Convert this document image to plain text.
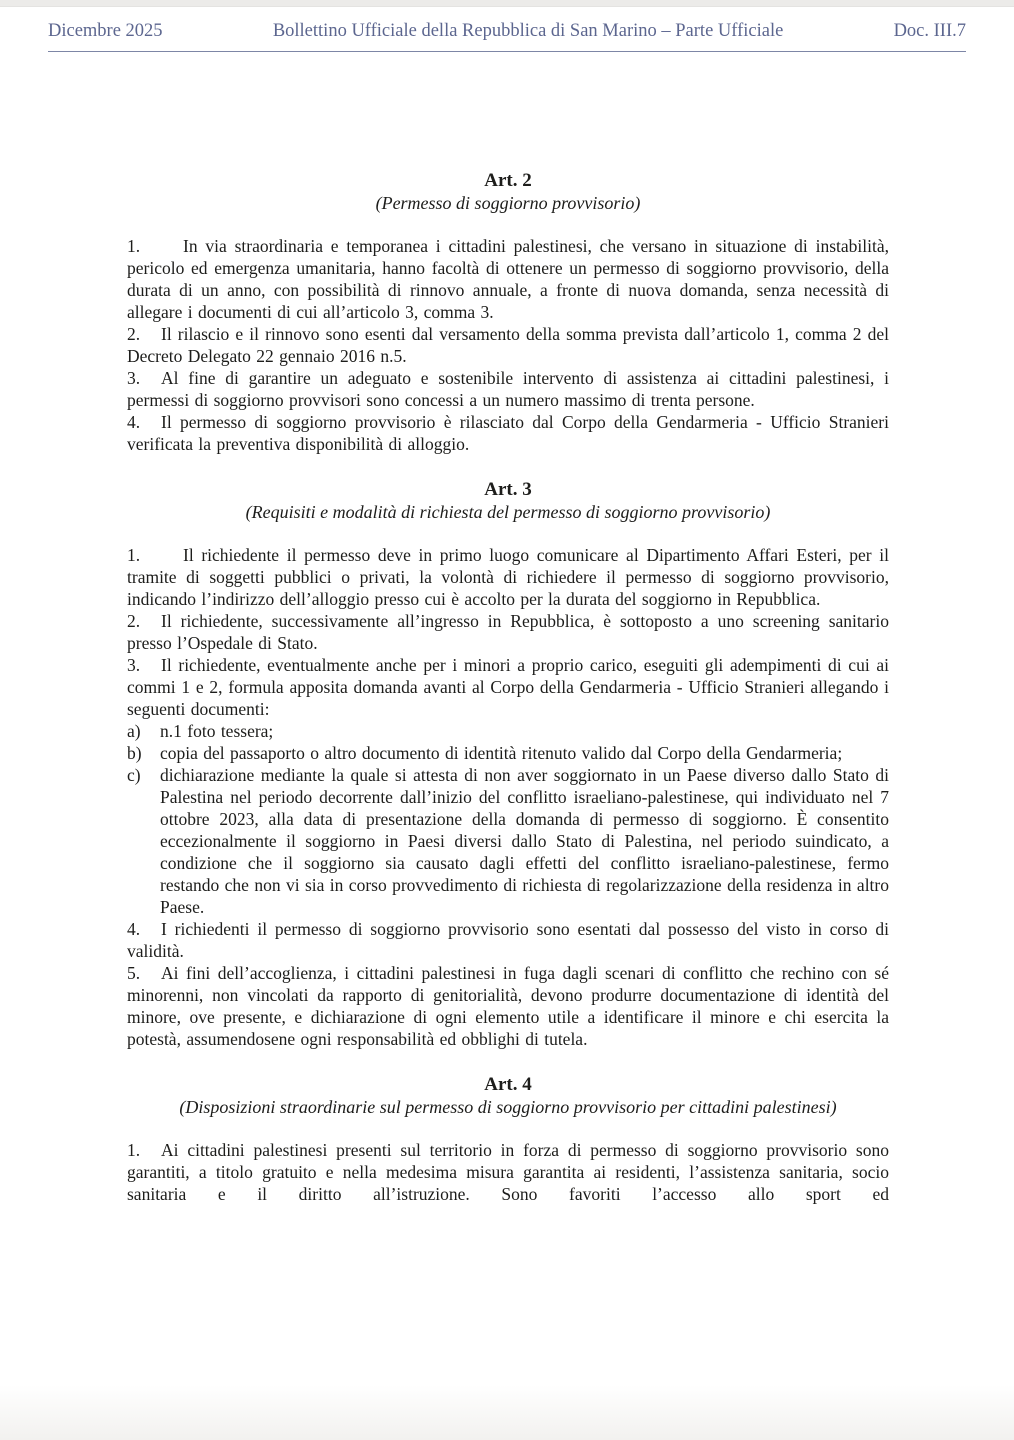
Dicembre 2025	Bollettino Ufficiale della Repubblica di San Marino – Parte Ufficiale	Doc. III.7
Art. 2
(Permesso di soggiorno provvisorio)

1. In via straordinaria e temporanea i cittadini palestinesi, che versano in situazione di instabilità, pericolo ed emergenza umanitaria, hanno facoltà di ottenere un permesso di soggiorno provvisorio, della durata di un anno, con possibilità di rinnovo annuale, a fronte di nuova domanda, senza necessità di allegare i documenti di cui all’articolo 3, comma 3.

2. Il rilascio e il rinnovo sono esenti dal versamento della somma prevista dall’articolo 1, comma 2 del Decreto Delegato 22 gennaio 2016 n.5.

3. Al fine di garantire un adeguato e sostenibile intervento di assistenza ai cittadini palestinesi, i permessi di soggiorno provvisori sono concessi a un numero massimo di trenta persone.

4. Il permesso di soggiorno provvisorio è rilasciato dal Corpo della Gendarmeria - Ufficio Stranieri verificata la preventiva disponibilità di alloggio.

Art. 3
(Requisiti e modalità di richiesta del permesso di soggiorno provvisorio)

1. Il richiedente il permesso deve in primo luogo comunicare al Dipartimento Affari Esteri, per il tramite di soggetti pubblici o privati, la volontà di richiedere il permesso di soggiorno provvisorio, indicando l’indirizzo dell’alloggio presso cui è accolto per la durata del soggiorno in Repubblica.

2. Il richiedente, successivamente all’ingresso in Repubblica, è sottoposto a uno screening sanitario presso l’Ospedale di Stato.

3. Il richiedente, eventualmente anche per i minori a proprio carico, eseguiti gli adempimenti di cui ai commi 1 e 2, formula apposita domanda avanti al Corpo della Gendarmeria - Ufficio Stranieri allegando i seguenti documenti:

a) n.1 foto tessera;

b) copia del passaporto o altro documento di identità ritenuto valido dal Corpo della Gendarmeria;

c) dichiarazione mediante la quale si attesta di non aver soggiornato in un Paese diverso dallo Stato di Palestina nel periodo decorrente dall’inizio del conflitto israeliano-palestinese, qui individuato nel 7 ottobre 2023, alla data di presentazione della domanda di permesso di soggiorno. È consentito eccezionalmente il soggiorno in Paesi diversi dallo Stato di Palestina, nel periodo suindicato, a condizione che il soggiorno sia causato dagli effetti del conflitto israeliano-palestinese, fermo restando che non vi sia in corso provvedimento di richiesta di regolarizzazione della residenza in altro Paese.

4. I richiedenti il permesso di soggiorno provvisorio sono esentati dal possesso del visto in corso di validità.

5. Ai fini dell’accoglienza, i cittadini palestinesi in fuga dagli scenari di conflitto che rechino con sé minorenni, non vincolati da rapporto di genitorialità, devono produrre documentazione di identità del minore, ove presente, e dichiarazione di ogni elemento utile a identificare il minore e chi esercita la potestà, assumendosene ogni responsabilità ed obblighi di tutela.

Art. 4
(Disposizioni straordinarie sul permesso di soggiorno provvisorio per cittadini palestinesi)

1. Ai cittadini palestinesi presenti sul territorio in forza di permesso di soggiorno provvisorio sono garantiti, a titolo gratuito e nella medesima misura garantita ai residenti, l’assistenza sanitaria, socio sanitaria e il diritto all’istruzione. Sono favoriti l’accesso allo sport ed
